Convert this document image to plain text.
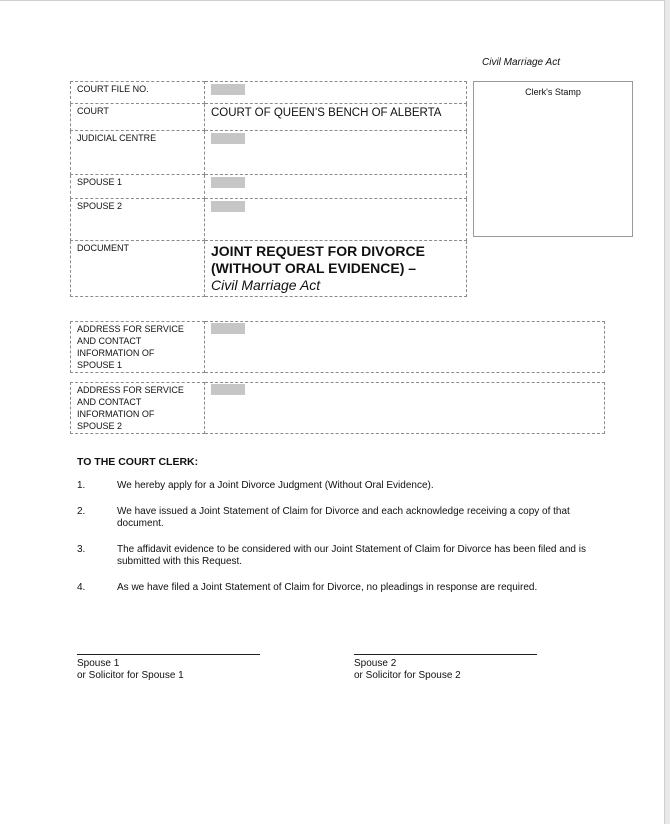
Civil Marriage Act
COURT FILE NO.	
COURT	COURT OF QUEEN’S BENCH OF ALBERTA

JUDICIAL CENTRE	
SPOUSE 1	
SPOUSE 2	
DOCUMENT	JOINT REQUEST FOR DIVORCE
(WITHOUT ORAL EVIDENCE) –
Civil Marriage Act
Clerk's Stamp
ADDRESS FOR SERVICE
AND CONTACT
INFORMATION OF
SPOUSE 1

ADDRESS FOR SERVICE
AND CONTACT
INFORMATION OF
SPOUSE 2

TO THE COURT CLERK:
1.	We hereby apply for a Joint Divorce Judgment (Without Oral Evidence).
2.	We have issued a Joint Statement of Claim for Divorce and each acknowledge receiving a copy of that document.
3.	The affidavit evidence to be considered with our Joint Statement of Claim for Divorce has been filed and is submitted with this Request.
4.	As we have filed a Joint Statement of Claim for Divorce, no pleadings in response are required.
Spouse 1
or Solicitor for Spouse 1
Spouse 2
or Solicitor for Spouse 2
